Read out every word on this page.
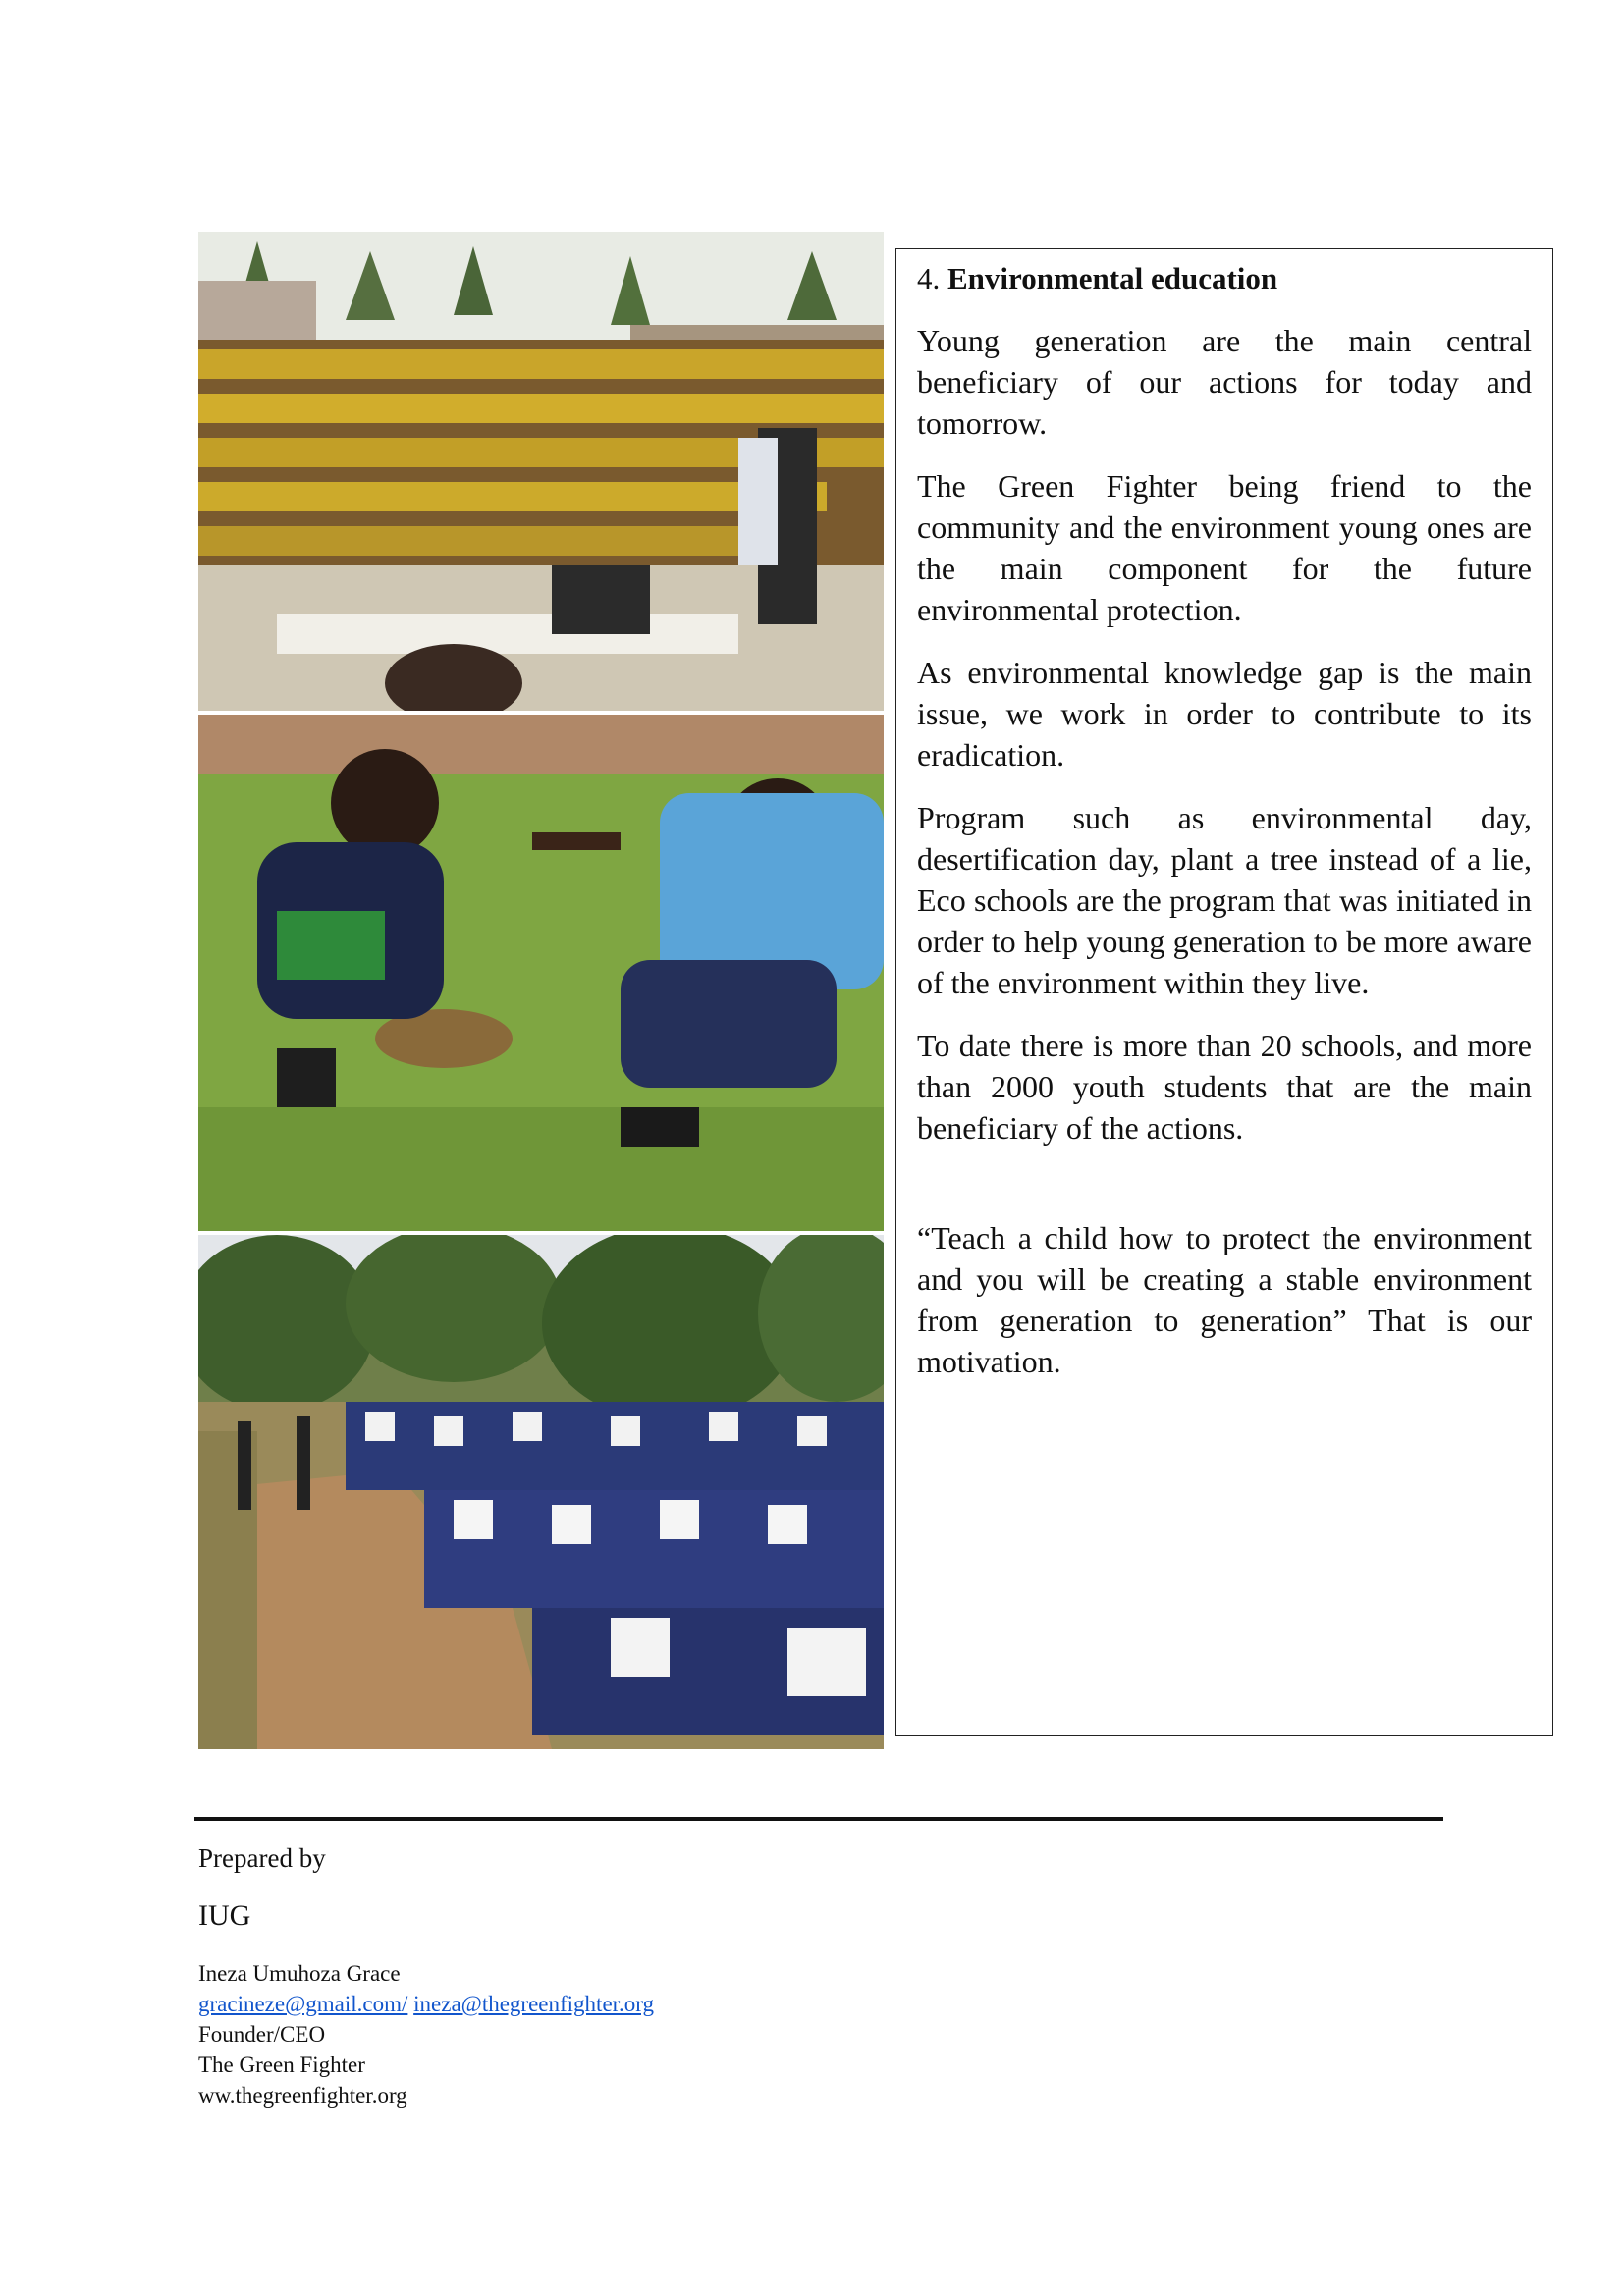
4. Environmental education

Young generation are the main central beneficiary of our actions for today and tomorrow.

The Green Fighter being friend to the community and the environment young ones are the main component for the future environmental protection.

As environmental knowledge gap is the main issue, we work in order to contribute to its eradication.

Program such as environmental day, desertification day, plant a tree instead of a lie, Eco schools are the program that was initiated in order to help young generation to be more aware of the environment within they live.

To date there is more than 20 schools, and more than 2000 youth students that are the main beneficiary of the actions.

“Teach a child how to protect the environment and you will be creating a stable environment from generation to generation” That is our motivation.

Prepared by

IUG

Ineza Umuhoza Grace

gracineze@gmail.com/ ineza@thegreenfighter.org

Founder/CEO

The Green Fighter

ww.thegreenfighter.org
